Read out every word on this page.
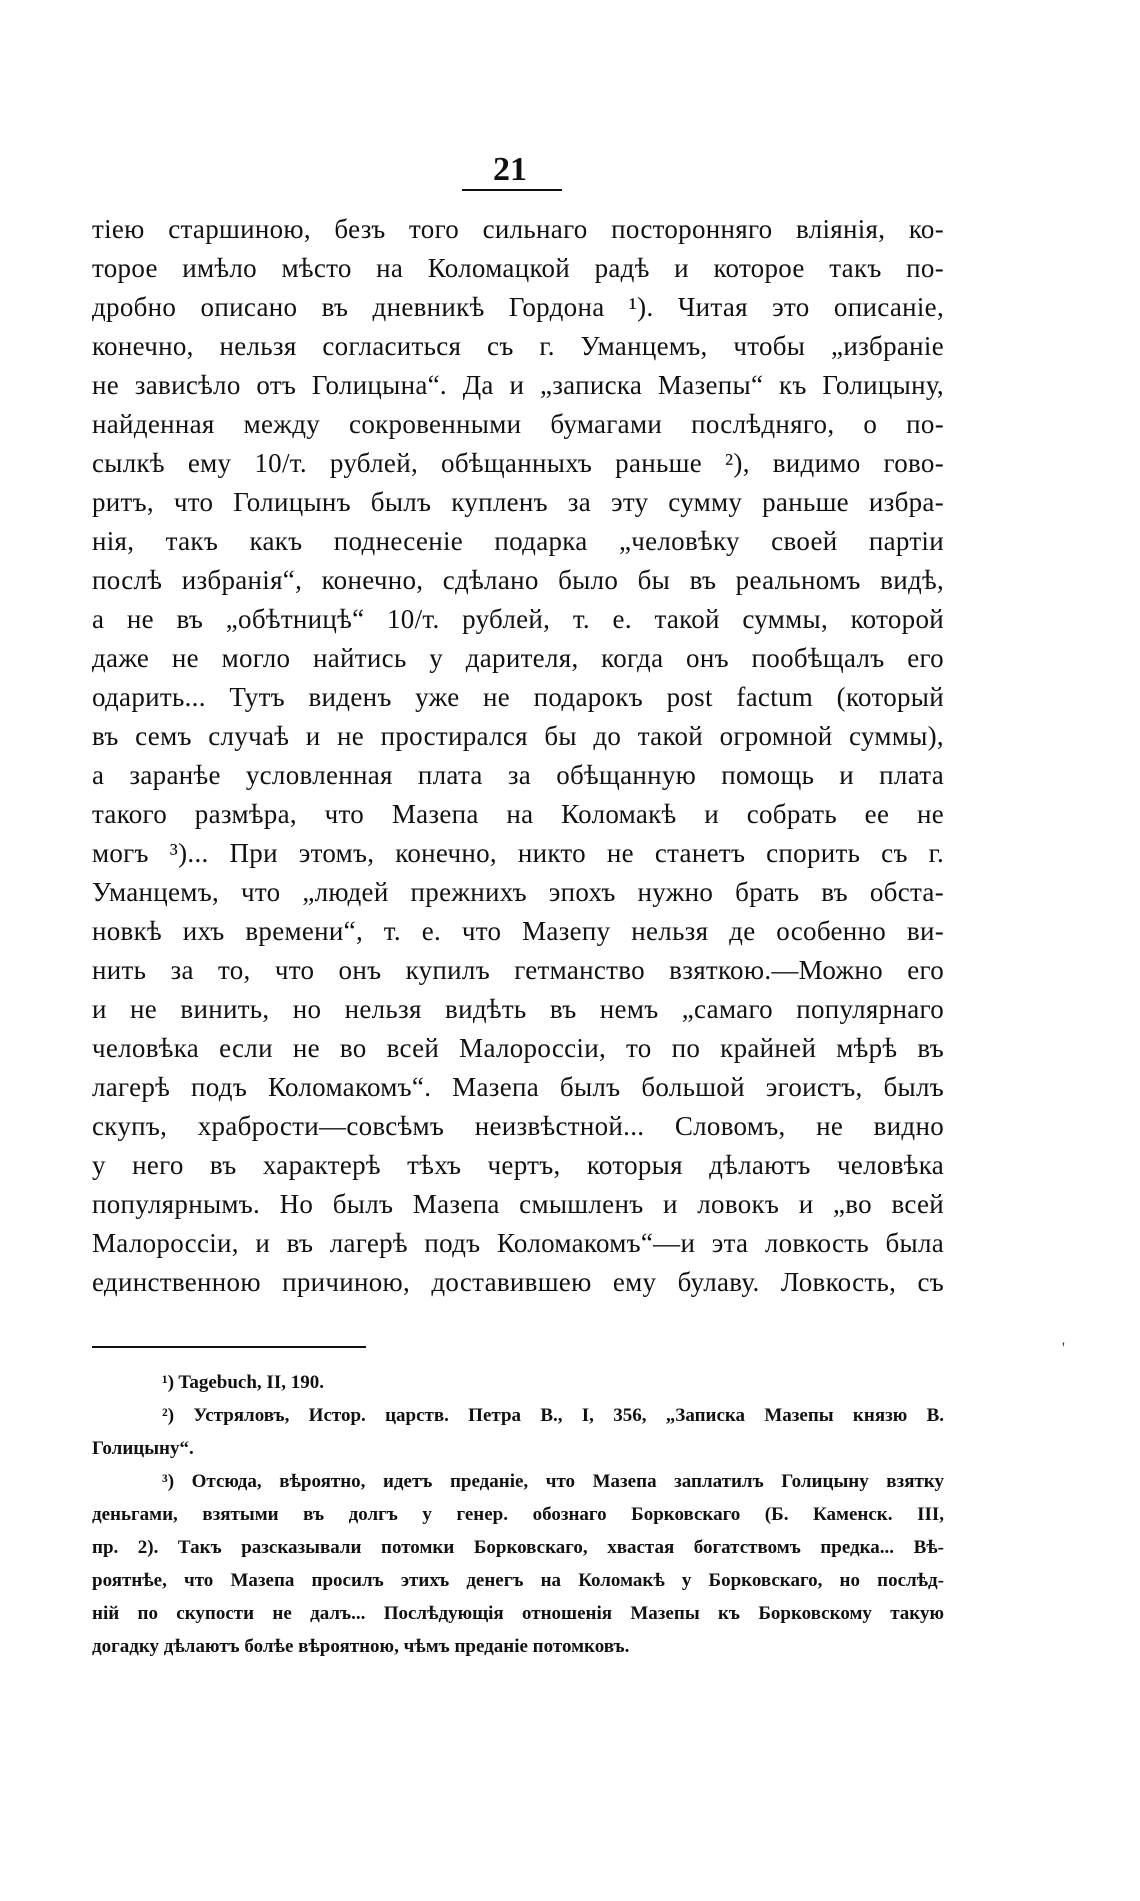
21
тiею старшиною, безъ того сильнаго посторонняго влiянiя, ко-
торое имѣло мѣсто на Коломацкой радѣ и которое такъ по-
дробно описано въ дневникѣ Гордона ¹). Читая это описанiе,
конечно, нельзя согласиться съ г. Уманцемъ, чтобы „избранiе
не зависѣло отъ Голицына“. Да и „записка Мазепы“ къ Голицыну,
найденная между сокровенными бумагами послѣдняго, о по-
сылкѣ ему 10/т. рублей, обѣщанныхъ раньше ²), видимо гово-
ритъ, что Голицынъ былъ купленъ за эту сумму раньше избра-
нiя, такъ какъ поднесенiе подарка „человѣку своей партiи
послѣ избранiя“, конечно, сдѣлано было бы въ реальномъ видѣ,
а не въ „обѣтницѣ“ 10/т. рублей, т. е. такой суммы, которой
даже не могло найтись у дарителя, когда онъ пообѣщалъ его
одарить... Тутъ виденъ уже не подарокъ post factum (который
въ семъ случаѣ и не простирался бы до такой огромной суммы),
а заранѣе условленная плата за обѣщанную помощь и плата
такого размѣра, что Мазепа на Коломакѣ и собрать ее не
могъ ³)... При этомъ, конечно, никто не станетъ спорить съ г.
Уманцемъ, что „людей прежнихъ эпохъ нужно брать въ обста-
новкѣ ихъ времени“, т. е. что Мазепу нельзя де особенно ви-
нить за то, что онъ купилъ гетманство взяткою.—Можно его
и не винить, но нельзя видѣть въ немъ „самаго популярнаго
человѣка если не во всей Малороссiи, то по крайней мѣрѣ въ
лагерѣ подъ Коломакомъ“. Мазепа былъ большой эгоистъ, былъ
скупъ, храбрости—совсѣмъ неизвѣстной... Словомъ, не видно
у него въ характерѣ тѣхъ чертъ, которыя дѣлаютъ человѣка
популярнымъ. Но былъ Мазепа смышленъ и ловокъ и „во всей
Малороссiи, и въ лагерѣ подъ Коломакомъ“—и эта ловкость была
единственною причиною, доставившею ему булаву. Ловкость, съ
¹) Tagebuch, II, 190.
²) Устряловъ, Истор. царств. Петра В., I, 356, „Записка Мазепы князю В.
Голицыну“.
³) Отсюда, вѣроятно, идетъ преданiе, что Мазепа заплатилъ Голицыну взятку
деньгами, взятыми въ долгъ у генер. обознаго Борковскаго (Б. Каменск. III,
пр. 2). Такъ разсказывали потомки Борковскаго, хвастая богатствомъ предка... Вѣ-
роятнѣе, что Мазепа просилъ этихъ денегъ на Коломакѣ у Борковскаго, но послѣд-
нiй по скупости не далъ... Послѣдующiя отношенiя Мазепы къ Борковскому такую
догадку дѣлаютъ болѣе вѣроятною, чѣмъ преданiе потомковъ.
'
